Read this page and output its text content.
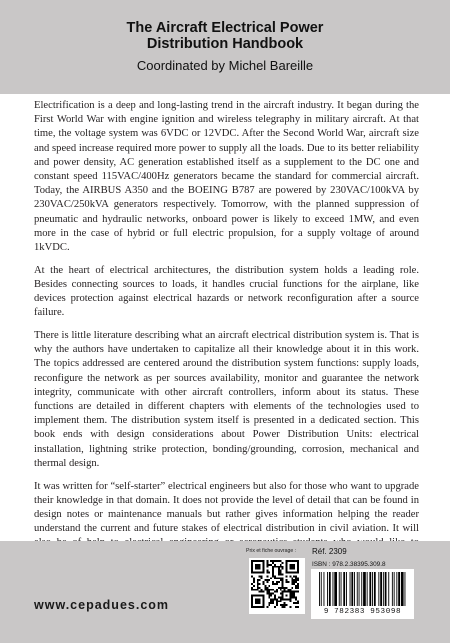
The Aircraft Electrical Power
Distribution Handbook
Coordinated by Michel Bareille

Electrification is a deep and long-lasting trend in the aircraft industry. It began during the First World War with engine ignition and wireless telegraphy in military aircraft. At that time, the voltage system was 6VDC or 12VDC. After the Second World War, aircraft size and speed increase required more power to supply all the loads. Due to its better reliability and power density, AC generation established itself as a supplement to the DC one and constant speed 115VAC/400Hz generators became the standard for commercial aircraft. Today, the AIRBUS A350 and the BOEING B787 are powered by 230VAC/100kVA by 230VAC/250kVA generators respectively. Tomorrow, with the planned suppression of pneumatic and hydraulic networks, onboard power is likely to exceed 1MW, and even more in the case of hybrid or full electric propulsion, for a supply voltage of around 1kVDC.

At the heart of electrical architectures, the distribution system holds a leading role. Besides connecting sources to loads, it handles crucial functions for the airplane, like devices protection against electrical hazards or network reconfiguration after a source failure.

There is little literature describing what an aircraft electrical distribution system is. That is why the authors have undertaken to capitalize all their knowledge about it in this work. The topics addressed are centered around the distribution system functions: supply loads, reconfigure the network as per sources availability, monitor and guarantee the network integrity, communicate with other aircraft controllers, inform about its status. These functions are detailed in different chapters with elements of the technologies used to implement them. The distribution system itself is presented in a dedicated section. This book ends with design considerations about Power Distribution Units: electrical installation, lightning strike protection, bonding/grounding, corrosion, mechanical and thermal design.

It was written for “self-starter” electrical engineers but also for those who want to upgrade their knowledge in that domain. It does not provide the level of detail that can be found in design notes or maintenance manuals but rather gives information helping the reader understand the current and future stakes of electrical distribution in civil aviation. It will

www.cepadues.com
Prix et fiche ouvrage : Réf. 2309
ISBN : 978.2.38395.309.8
9 782383 953098
